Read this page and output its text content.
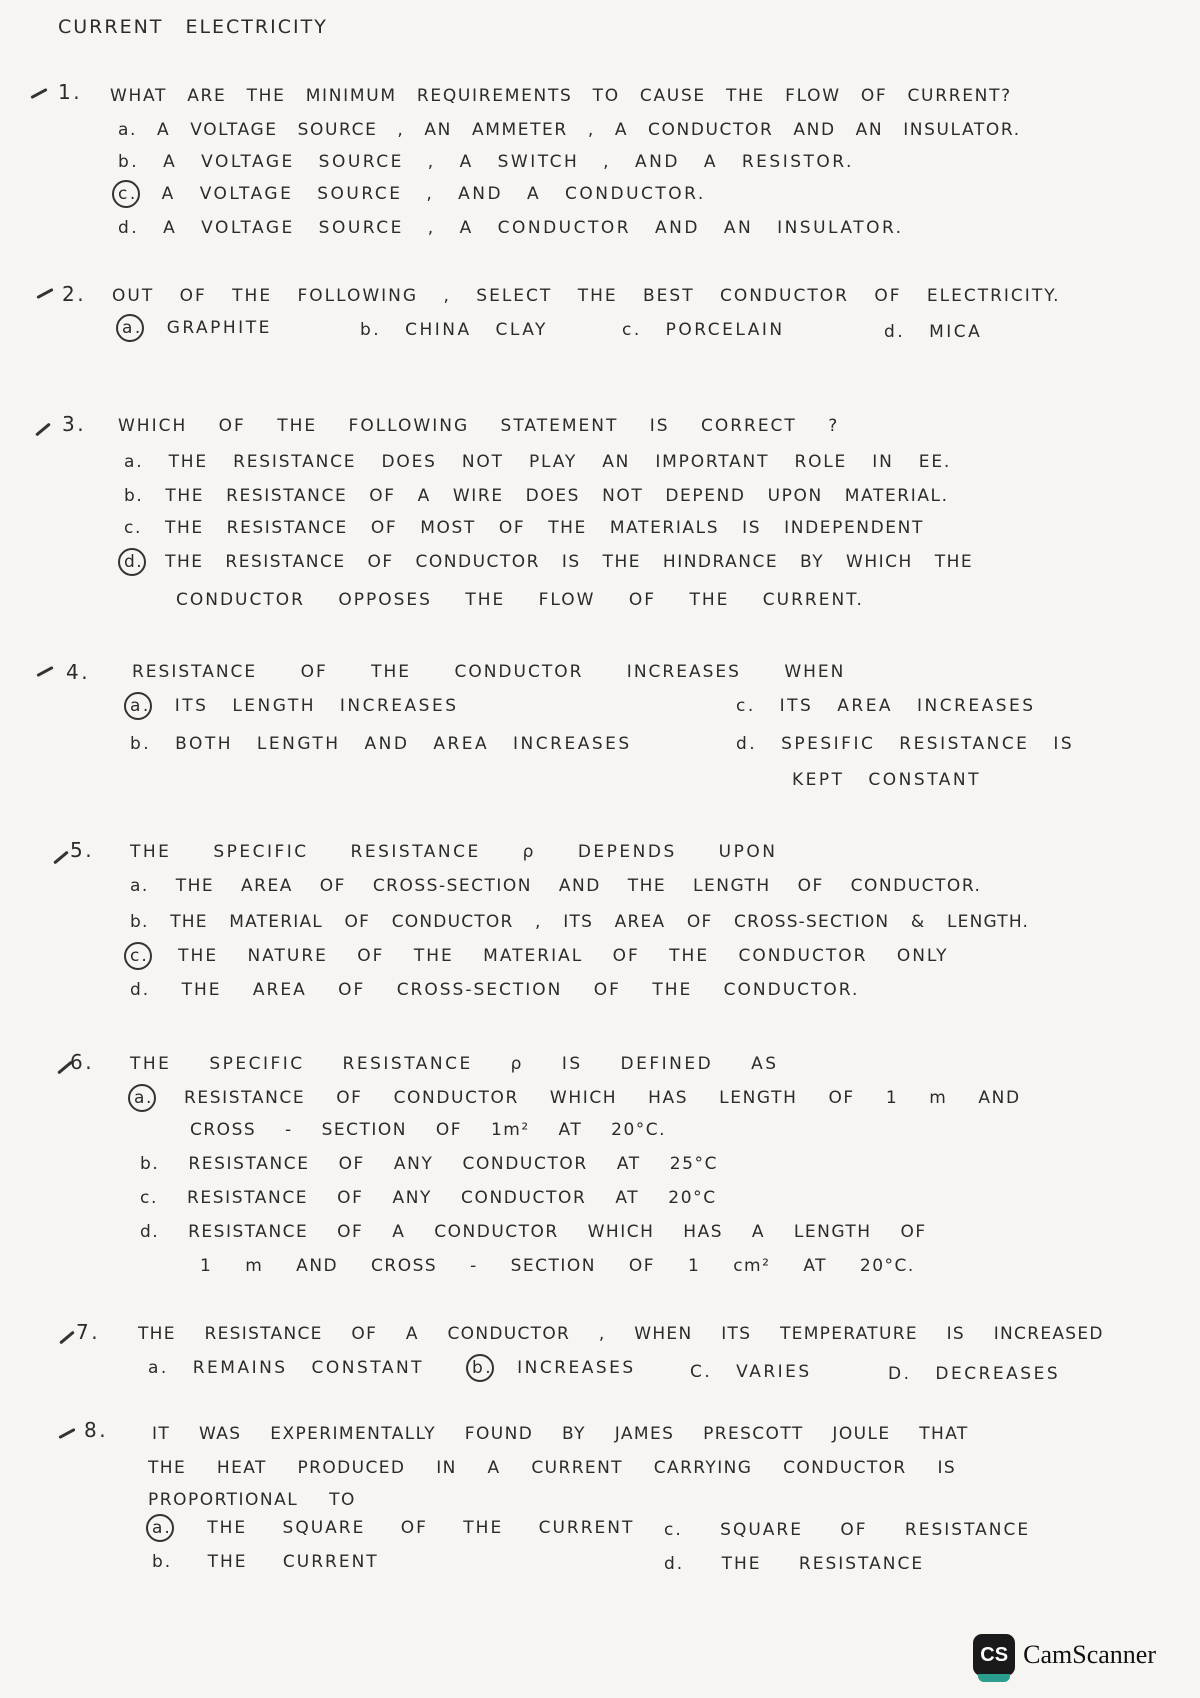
CURRENT ELECTRICITY
1. WHAT ARE THE MINIMUM REQUIREMENTS TO CAUSE THE FLOW OF CURRENT?
a. A VOLTAGE SOURCE , AN AMMETER , A CONDUCTOR AND AN INSULATOR.
b. A VOLTAGE SOURCE , A SWITCH , AND A RESISTOR.
c. A VOLTAGE SOURCE , AND A CONDUCTOR.
d. A VOLTAGE SOURCE , A CONDUCTOR AND AN INSULATOR.
2. OUT OF THE FOLLOWING , SELECT THE BEST CONDUCTOR OF ELECTRICITY.
a. GRAPHITE	b. CHINA CLAY	c. PORCELAIN	d. MICA
3. WHICH OF THE FOLLOWING STATEMENT IS CORRECT ?
a. THE RESISTANCE DOES NOT PLAY AN IMPORTANT ROLE IN EE.
b. THE RESISTANCE OF A WIRE DOES NOT DEPEND UPON MATERIAL.
c. THE RESISTANCE OF MOST OF THE MATERIALS IS INDEPENDENT
d. THE RESISTANCE OF CONDUCTOR IS THE HINDRANCE BY WHICH THE
CONDUCTOR OPPOSES THE FLOW OF THE CURRENT.
4. RESISTANCE OF THE CONDUCTOR INCREASES WHEN
a. ITS LENGTH INCREASES	c. ITS AREA INCREASES
b. BOTH LENGTH AND AREA INCREASES	d. SPESIFIC RESISTANCE IS
KEPT CONSTANT
5. THE SPECIFIC RESISTANCE ρ DEPENDS UPON
a. THE AREA OF CROSS-SECTION AND THE LENGTH OF CONDUCTOR.
b. THE MATERIAL OF CONDUCTOR , ITS AREA OF CROSS-SECTION & LENGTH.
c. THE NATURE OF THE MATERIAL OF THE CONDUCTOR ONLY
d. THE AREA OF CROSS-SECTION OF THE CONDUCTOR.
6. THE SPECIFIC RESISTANCE ρ IS DEFINED AS
a. RESISTANCE OF CONDUCTOR WHICH HAS LENGTH OF 1 m AND
CROSS - SECTION OF 1m² AT 20°C.
b. RESISTANCE OF ANY CONDUCTOR AT 25°C
c. RESISTANCE OF ANY CONDUCTOR AT 20°C
d. RESISTANCE OF A CONDUCTOR WHICH HAS A LENGTH OF
1 m AND CROSS - SECTION OF 1 cm² AT 20°C.
7. THE RESISTANCE OF A CONDUCTOR , WHEN ITS TEMPERATURE IS INCREASED
a. REMAINS CONSTANT	b. INCREASES	C. VARIES	D. DECREASES
8.	IT WAS EXPERIMENTALLY FOUND BY JAMES PRESCOTT JOULE THAT
THE HEAT PRODUCED IN A CURRENT CARRYING CONDUCTOR IS
PROPORTIONAL TO
a. THE SQUARE OF THE CURRENT c. SQUARE OF RESISTANCE
b. THE CURRENT	d. THE RESISTANCE
CS CamScanner
